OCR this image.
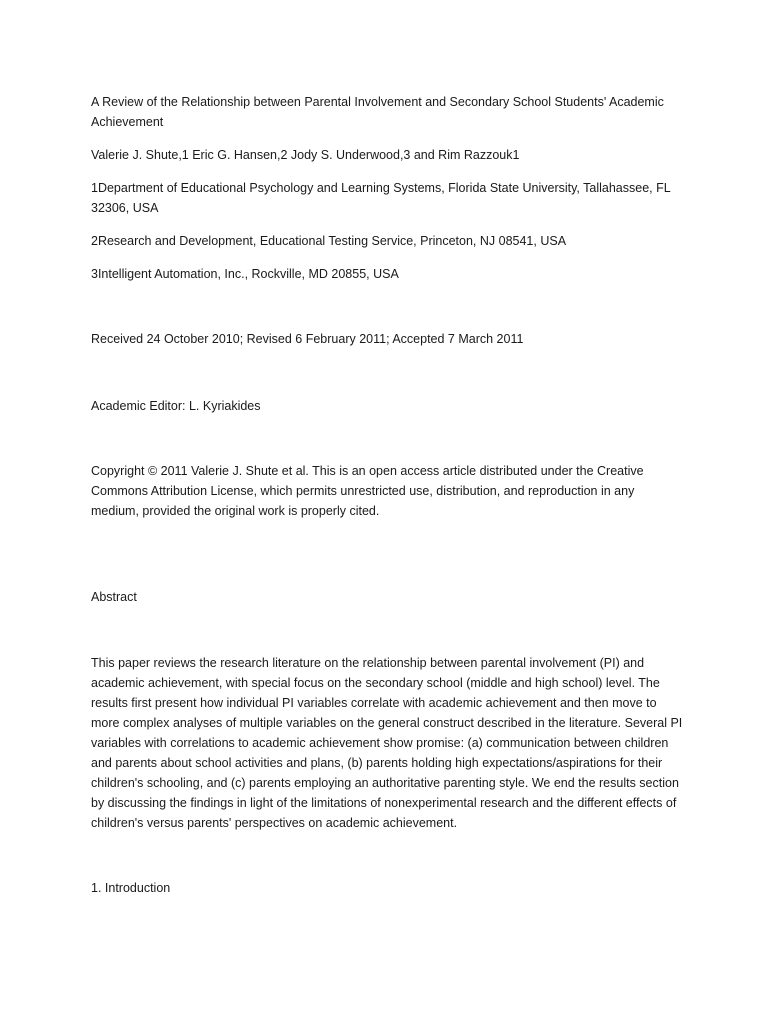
A Review of the Relationship between Parental Involvement and Secondary School Students' Academic Achievement

Valerie J. Shute,1 Eric G. Hansen,2 Jody S. Underwood,3 and Rim Razzouk1

1Department of Educational Psychology and Learning Systems, Florida State University, Tallahassee, FL 32306, USA

2Research and Development, Educational Testing Service, Princeton, NJ 08541, USA

3Intelligent Automation, Inc., Rockville, MD 20855, USA

Received 24 October 2010; Revised 6 February 2011; Accepted 7 March 2011

Academic Editor: L. Kyriakides

Copyright © 2011 Valerie J. Shute et al. This is an open access article distributed under the Creative Commons Attribution License, which permits unrestricted use, distribution, and reproduction in any medium, provided the original work is properly cited.

Abstract

This paper reviews the research literature on the relationship between parental involvement (PI) and academic achievement, with special focus on the secondary school (middle and high school) level. The results first present how individual PI variables correlate with academic achievement and then move to more complex analyses of multiple variables on the general construct described in the literature. Several PI variables with correlations to academic achievement show promise: (a) communication between children and parents about school activities and plans, (b) parents holding high expectations/aspirations for their children's schooling, and (c) parents employing an authoritative parenting style. We end the results section by discussing the findings in light of the limitations of nonexperimental research and the different effects of children's versus parents' perspectives on academic achievement.

1. Introduction
